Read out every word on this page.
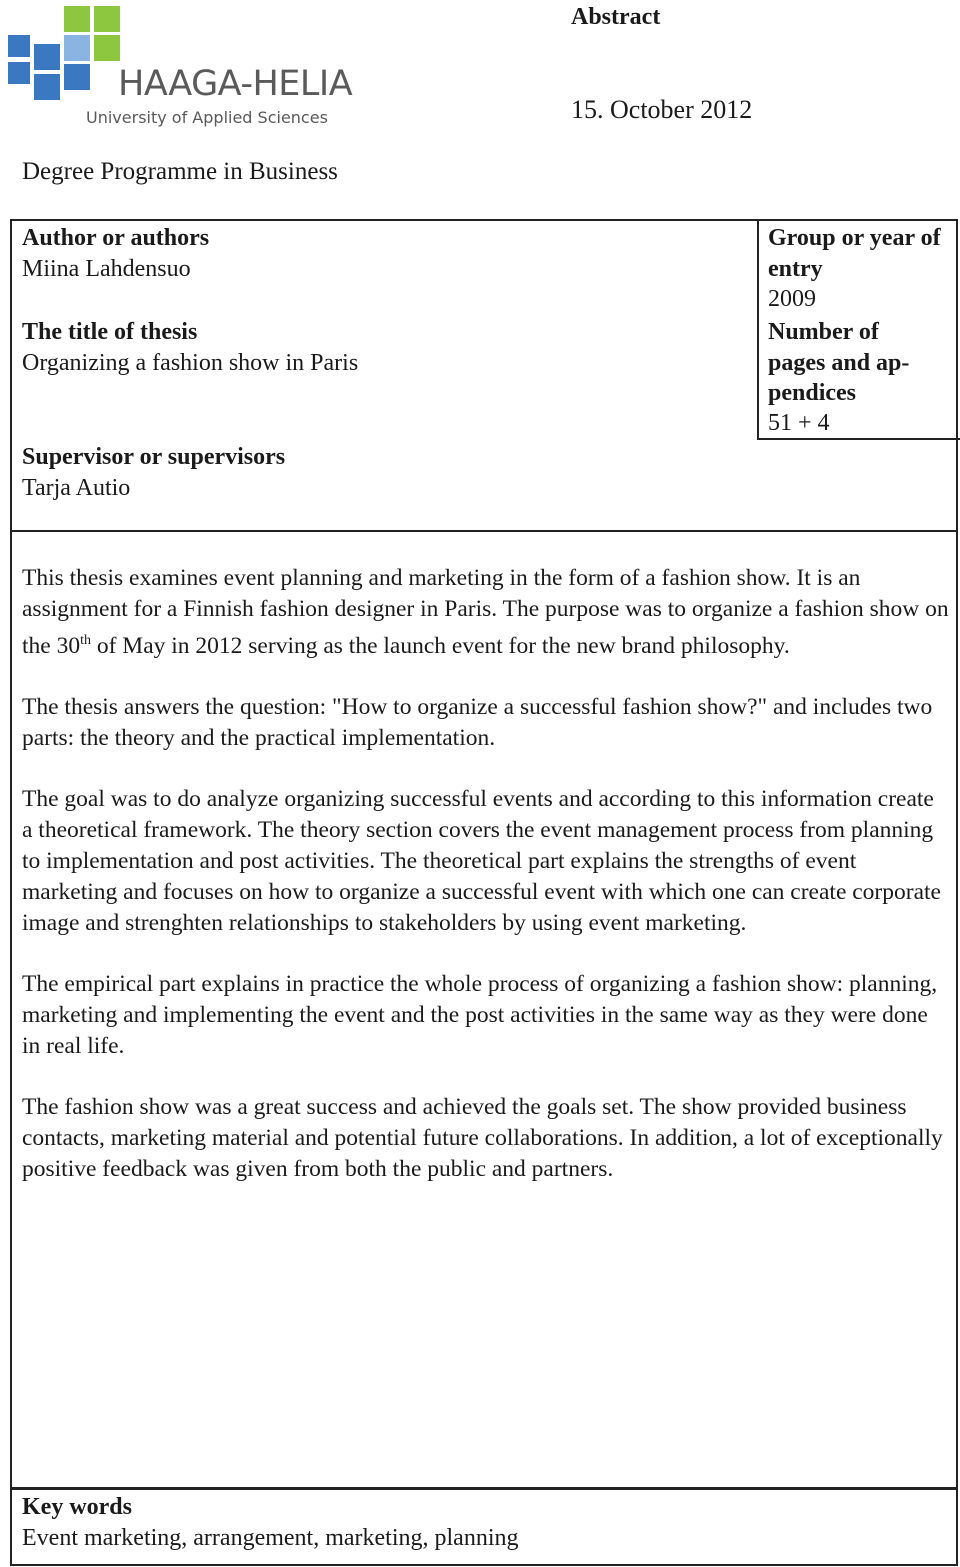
HAAGA-HELIA
University of Applied Sciences
Abstract
15. October 2012
Degree Programme in Business
Author or authors
Miina Lahdensuo
The title of thesis
Organizing a fashion show in Paris
Supervisor or supervisors
Tarja Autio
Group or year of
entry
2009
Number of
pages and ap-
pendices
51 + 4

This thesis examines event planning and marketing in the form of a fashion show. It is an assignment for a Finnish fashion designer in Paris. The purpose was to organize a fashion show on the 30th of May in 2012 serving as the launch event for the new brand philosophy.

The thesis answers the question: "How to organize a successful fashion show?" and includes two parts: the theory and the practical implementation.

The goal was to do analyze organizing successful events and according to this information create a theoretical framework. The theory section covers the event management process from planning to implementation and post activities. The theoretical part explains the strengths of event marketing and focuses on how to organize a successful event with which one can create corporate image and strenghten relationships to stakeholders by using event marketing.

The empirical part explains in practice the whole process of organizing a fashion show: planning, marketing and implementing the event and the post activities in the same way as they were done in real life.

The fashion show was a great success and achieved the goals set. The show provided business contacts, marketing material and potential future collaborations. In addition, a lot of exceptionally positive feedback was given from both the public and partners.

Key words
Event marketing, arrangement, marketing, planning
